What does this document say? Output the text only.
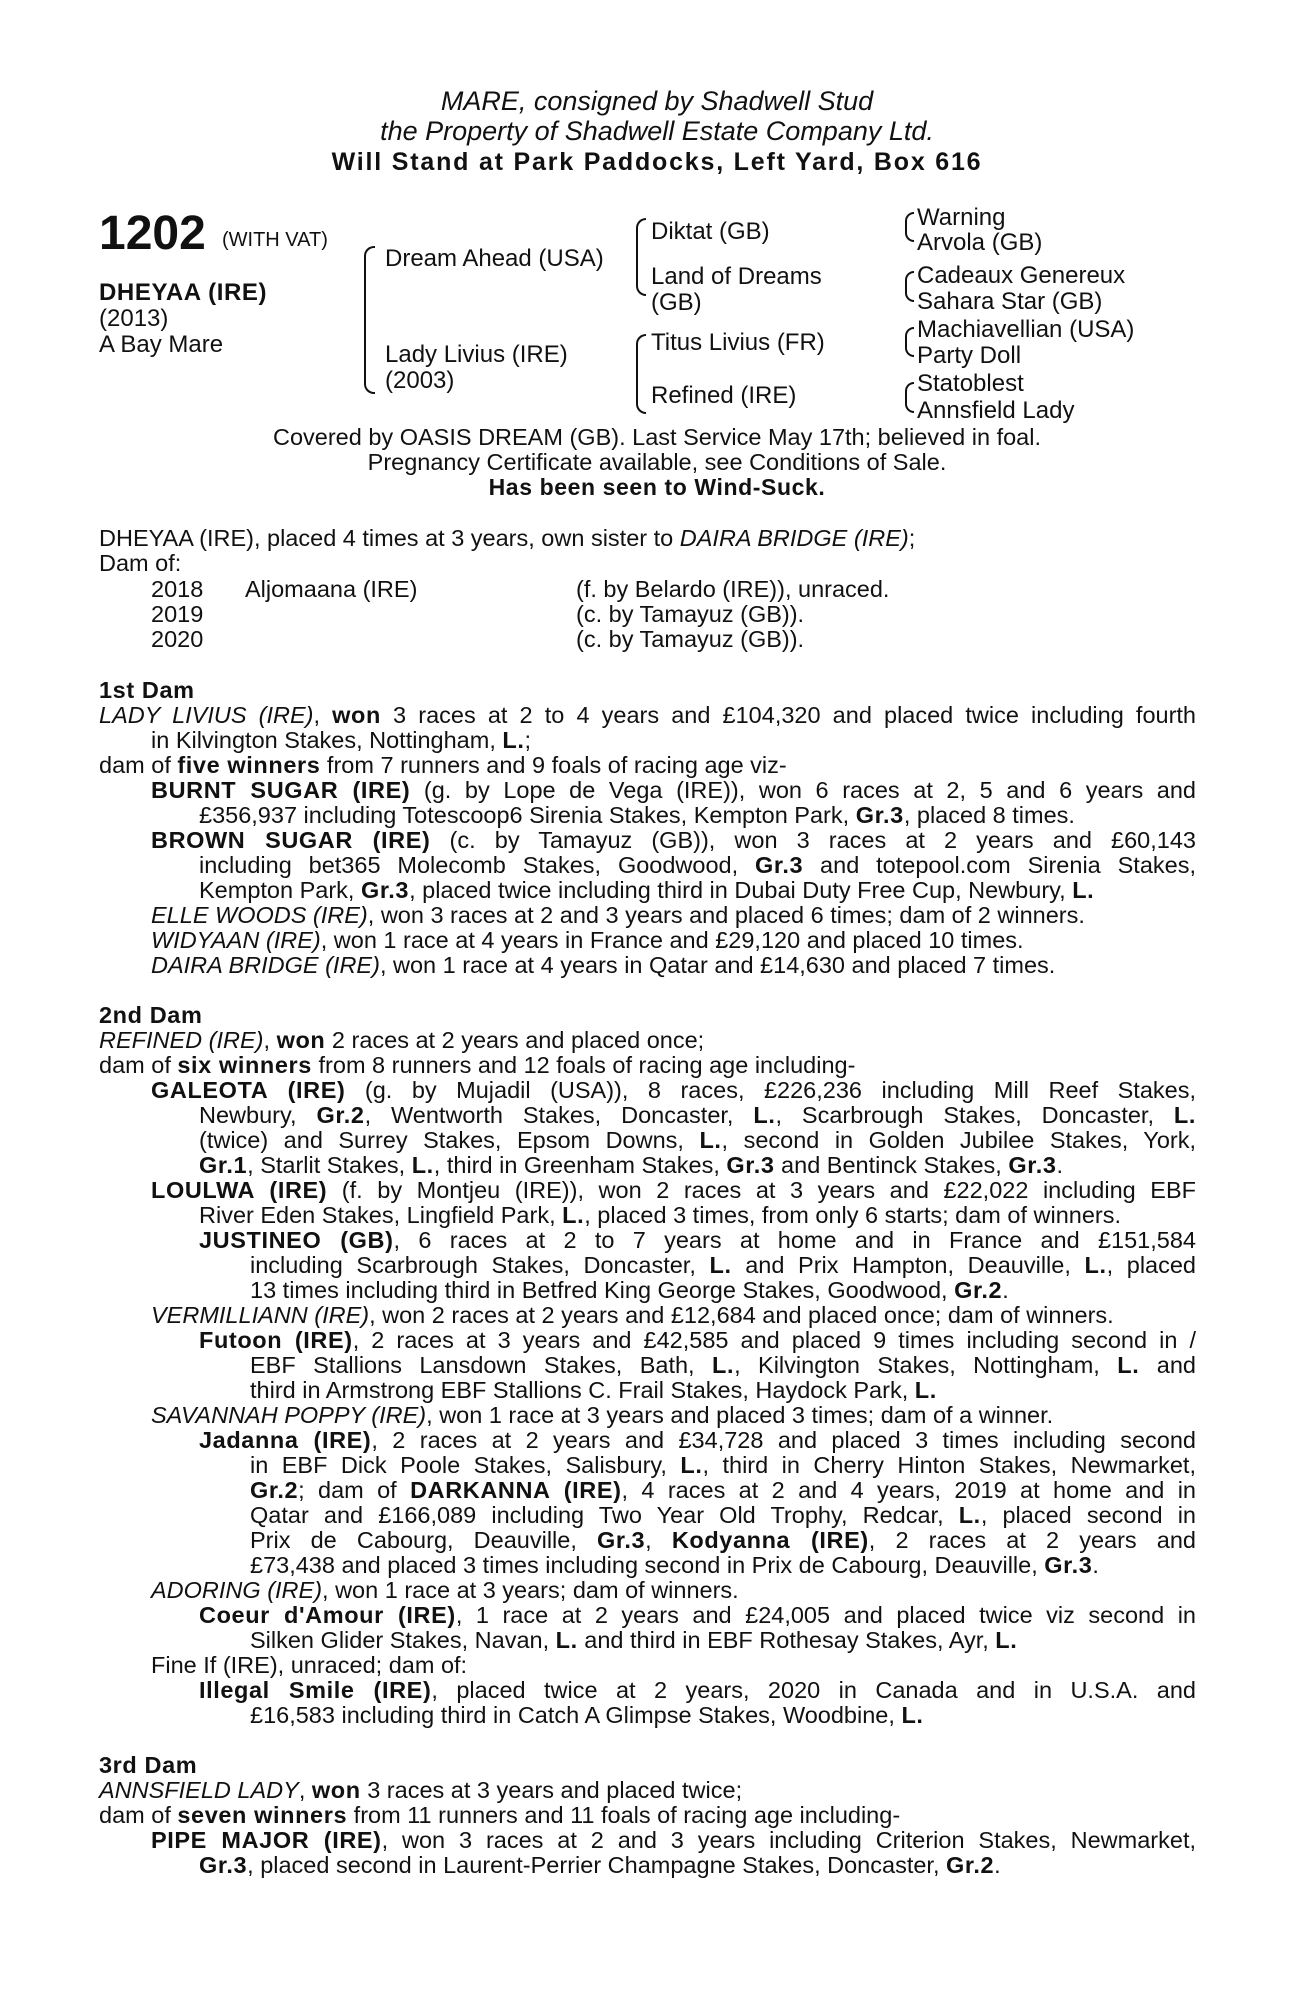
MARE, consigned by Shadwell Stud
the Property of Shadwell Estate Company Ltd.
Will Stand at Park Paddocks, Left Yard, Box 616
1202 (WITH VAT)
DHEYAA (IRE)
(2013)
A Bay Mare
Dream Ahead (USA)
Lady Livius (IRE)
(2003)
Diktat (GB)
Land of Dreams
(GB)
Titus Livius (FR)
Refined (IRE)
Warning
Arvola (GB)
Cadeaux Genereux
Sahara Star (GB)
Machiavellian (USA)
Party Doll
Statoblest
Annsfield Lady
Covered by OASIS DREAM (GB). Last Service May 17th; believed in foal.
Pregnancy Certificate available, see Conditions of Sale.
Has been seen to Wind-Suck.
DHEYAA (IRE), placed 4 times at 3 years, own sister to DAIRA BRIDGE (IRE);
Dam of:
2018 Aljomaana (IRE)	(f. by Belardo (IRE)), unraced.
2019	(c. by Tamayuz (GB)).
2020	(c. by Tamayuz (GB)).
1st Dam
LADY LIVIUS (IRE), won 3 races at 2 to 4 years and £104,320 and placed twice including fourth
in Kilvington Stakes, Nottingham, L.;
dam of five winners from 7 runners and 9 foals of racing age viz-
BURNT SUGAR (IRE) (g. by Lope de Vega (IRE)), won 6 races at 2, 5 and 6 years and
£356,937 including Totescoop6 Sirenia Stakes, Kempton Park, Gr.3, placed 8 times.
BROWN SUGAR (IRE) (c. by Tamayuz (GB)), won 3 races at 2 years and £60,143
including bet365 Molecomb Stakes, Goodwood, Gr.3 and totepool.com Sirenia Stakes,
Kempton Park, Gr.3, placed twice including third in Dubai Duty Free Cup, Newbury, L.
ELLE WOODS (IRE), won 3 races at 2 and 3 years and placed 6 times; dam of 2 winners.
WIDYAAN (IRE), won 1 race at 4 years in France and £29,120 and placed 10 times.
DAIRA BRIDGE (IRE), won 1 race at 4 years in Qatar and £14,630 and placed 7 times.
2nd Dam
REFINED (IRE), won 2 races at 2 years and placed once;
dam of six winners from 8 runners and 12 foals of racing age including-
GALEOTA (IRE) (g. by Mujadil (USA)), 8 races, £226,236 including Mill Reef Stakes,
Newbury, Gr.2, Wentworth Stakes, Doncaster, L., Scarbrough Stakes, Doncaster, L.
(twice) and Surrey Stakes, Epsom Downs, L., second in Golden Jubilee Stakes, York,
Gr.1, Starlit Stakes, L., third in Greenham Stakes, Gr.3 and Bentinck Stakes, Gr.3.
LOULWA (IRE) (f. by Montjeu (IRE)), won 2 races at 3 years and £22,022 including EBF
River Eden Stakes, Lingfield Park, L., placed 3 times, from only 6 starts; dam of winners.
JUSTINEO (GB), 6 races at 2 to 7 years at home and in France and £151,584
including Scarbrough Stakes, Doncaster, L. and Prix Hampton, Deauville, L., placed
13 times including third in Betfred King George Stakes, Goodwood, Gr.2.
VERMILLIANN (IRE), won 2 races at 2 years and £12,684 and placed once; dam of winners.
Futoon (IRE), 2 races at 3 years and £42,585 and placed 9 times including second in /
EBF Stallions Lansdown Stakes, Bath, L., Kilvington Stakes, Nottingham, L. and
third in Armstrong EBF Stallions C. Frail Stakes, Haydock Park, L.
SAVANNAH POPPY (IRE), won 1 race at 3 years and placed 3 times; dam of a winner.
Jadanna (IRE), 2 races at 2 years and £34,728 and placed 3 times including second
in EBF Dick Poole Stakes, Salisbury, L., third in Cherry Hinton Stakes, Newmarket,
Gr.2; dam of DARKANNA (IRE), 4 races at 2 and 4 years, 2019 at home and in
Qatar and £166,089 including Two Year Old Trophy, Redcar, L., placed second in
Prix de Cabourg, Deauville, Gr.3, Kodyanna (IRE), 2 races at 2 years and
£73,438 and placed 3 times including second in Prix de Cabourg, Deauville, Gr.3.
ADORING (IRE), won 1 race at 3 years; dam of winners.
Coeur d'Amour (IRE), 1 race at 2 years and £24,005 and placed twice viz second in
Silken Glider Stakes, Navan, L. and third in EBF Rothesay Stakes, Ayr, L.
Fine If (IRE), unraced; dam of:
Illegal Smile (IRE), placed twice at 2 years, 2020 in Canada and in U.S.A. and
£16,583 including third in Catch A Glimpse Stakes, Woodbine, L.
3rd Dam
ANNSFIELD LADY, won 3 races at 3 years and placed twice;
dam of seven winners from 11 runners and 11 foals of racing age including-
PIPE MAJOR (IRE), won 3 races at 2 and 3 years including Criterion Stakes, Newmarket,
Gr.3, placed second in Laurent-Perrier Champagne Stakes, Doncaster, Gr.2.
